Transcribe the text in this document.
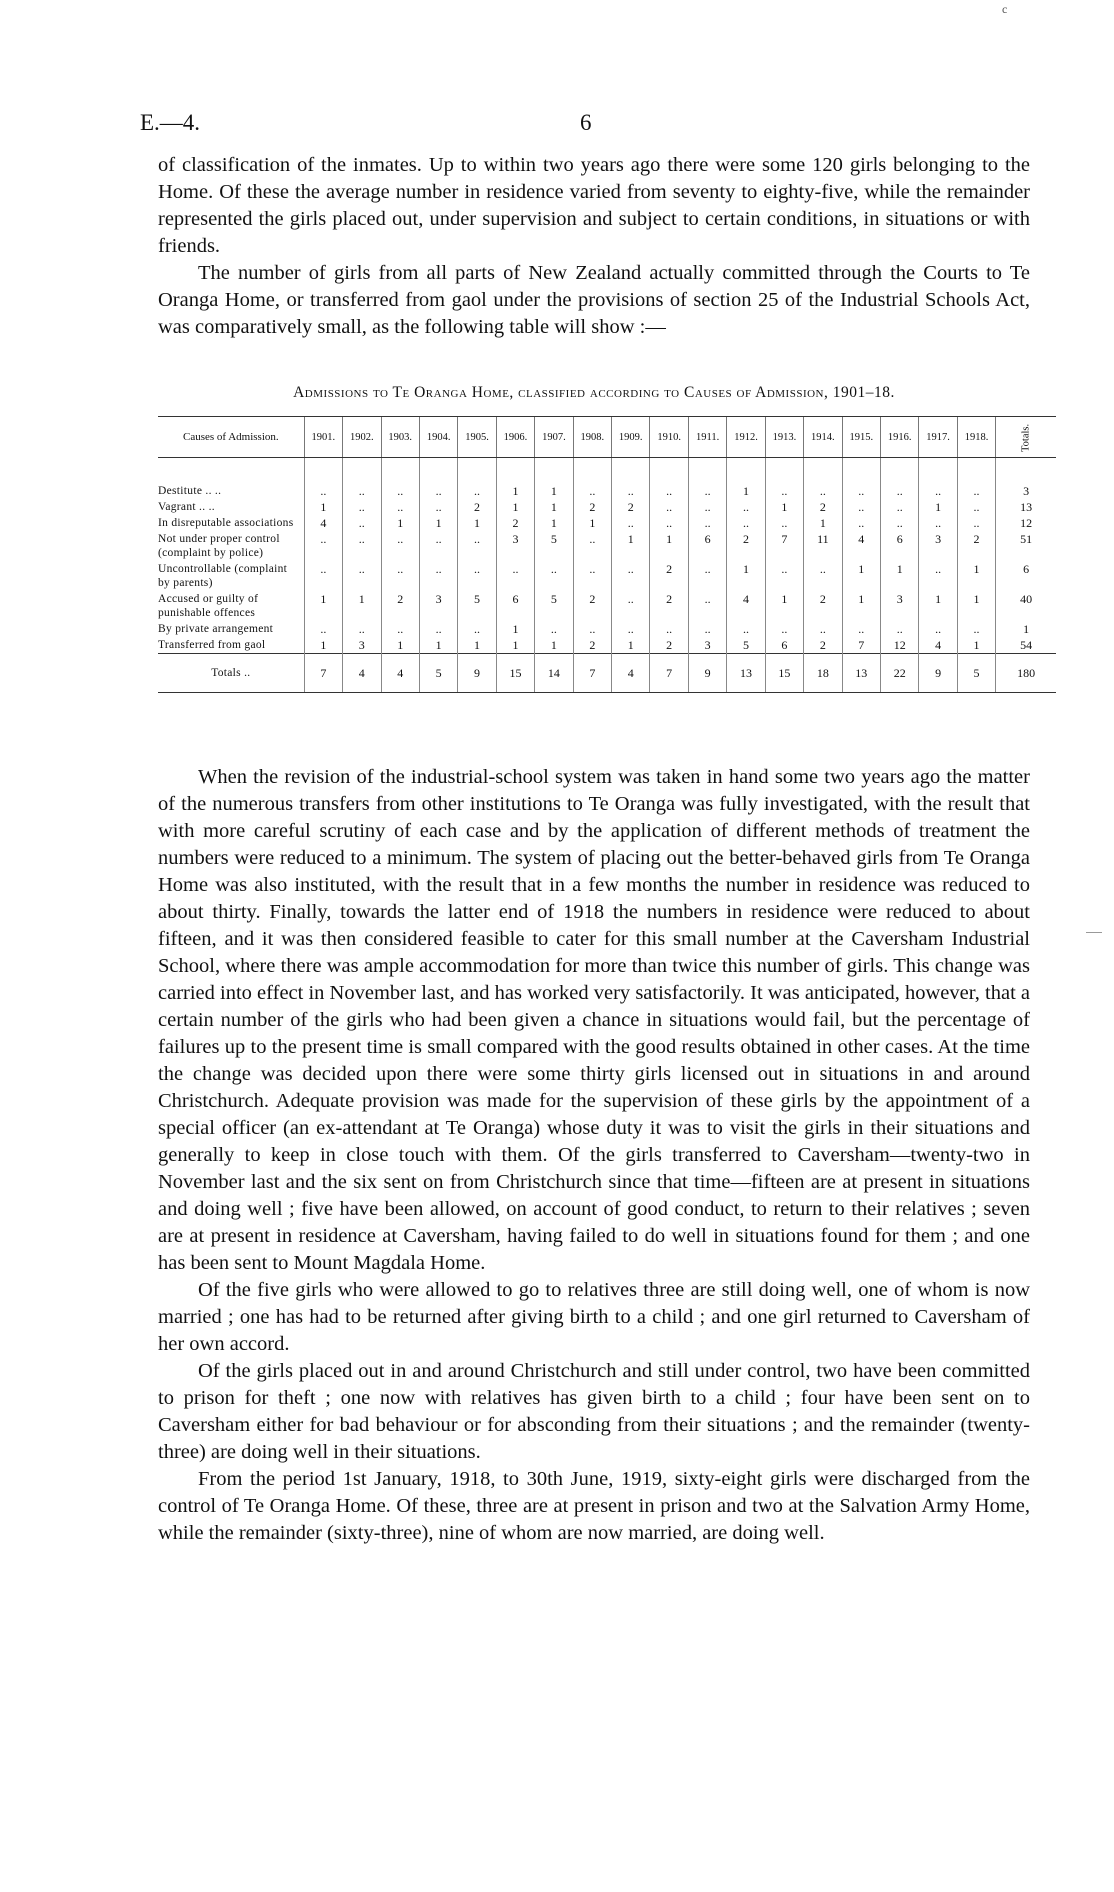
c
E.—4.	6

of classification of the inmates. Up to within two years ago there were some 120 girls belonging to the Home. Of these the average number in residence varied from seventy to eighty-five, while the remainder represented the girls placed out, under supervision and subject to certain conditions, in situations or with friends.

The number of girls from all parts of New Zealand actually committed through the Courts to Te Oranga Home, or transferred from gaol under the provisions of section 25 of the Industrial Schools Act, was comparatively small, as the following table will show :—

Admissions to Te Oranga Home, classified according to Causes of Admission, 1901–18.
Causes of Admission.	1901.	1902.	1903.	1904.	1905.	1906.	1907.	1908.	1909.	1910.	1911.	1912.	1913.	1914.	1915.	1916.	1917.	1918.	Totals.
Destitute .. ..	..	..	..	..	..	1	1	..	..	..	..	1	..	..	..	..	..	..	3
Vagrant .. ..	1	..	..	..	2	1	1	2	2	..	..	..	1	2	..	..	1	..	13
In disreputable associations	4	..	1	1	1	2	1	1	..	..	..	..	..	1	..	..	..	..	12
Not under proper control (complaint by police)	..	..	..	..	..	3	5	..	1	1	6	2	7	11	4	6	3	2	51
Uncontrollable (complaint by parents)	..	..	..	..	..	..	..	..	..	2	..	1	..	..	1	1	..	1	6
Accused or guilty of punishable offences	1	1	2	3	5	6	5	2	..	2	..	4	1	2	1	3	1	1	40
By private arrangement	..	..	..	..	..	1	..	..	..	..	..	..	..	..	..	..	..	..	1
Transferred from gaol	1	3	1	1	1	1	1	2	1	2	3	5	6	2	7	12	4	1	54
Totals ..	7	4	4	5	9	15	14	7	4	7	9	13	15	18	13	22	9	5	180

When the revision of the industrial-school system was taken in hand some two years ago the matter of the numerous transfers from other institutions to Te Oranga was fully investigated, with the result that with more careful scrutiny of each case and by the application of different methods of treatment the numbers were reduced to a minimum. The system of placing out the better-behaved girls from Te Oranga Home was also instituted, with the result that in a few months the number in residence was reduced to about thirty. Finally, towards the latter end of 1918 the numbers in residence were reduced to about fifteen, and it was then considered feasible to cater for this small number at the Caversham Industrial School, where there was ample accommodation for more than twice this number of girls. This change was carried into effect in November last, and has worked very satisfactorily. It was anticipated, however, that a certain number of the girls who had been given a chance in situations would fail, but the percentage of failures up to the present time is small compared with the good results obtained in other cases. At the time the change was decided upon there were some thirty girls licensed out in situations in and around Christchurch. Adequate provision was made for the supervision of these girls by the appointment of a special officer (an ex-attendant at Te Oranga) whose duty it was to visit the girls in their situations and generally to keep in close touch with them. Of the girls transferred to Caversham—twenty-two in November last and the six sent on from Christchurch since that time—fifteen are at present in situations and doing well ; five have been allowed, on account of good conduct, to return to their relatives ; seven are at present in residence at Caversham, having failed to do well in situations found for them ; and one has been sent to Mount Magdala Home.

Of the five girls who were allowed to go to relatives three are still doing well, one of whom is now married ; one has had to be returned after giving birth to a child ; and one girl returned to Caversham of her own accord.

Of the girls placed out in and around Christchurch and still under control, two have been committed to prison for theft ; one now with relatives has given birth to a child ; four have been sent on to Caversham either for bad behaviour or for absconding from their situations ; and the remainder (twenty-three) are doing well in their situations.

From the period 1st January, 1918, to 30th June, 1919, sixty-eight girls were discharged from the control of Te Oranga Home. Of these, three are at present in prison and two at the Salvation Army Home, while the remainder (sixty-three), nine of whom are now married, are doing well.
